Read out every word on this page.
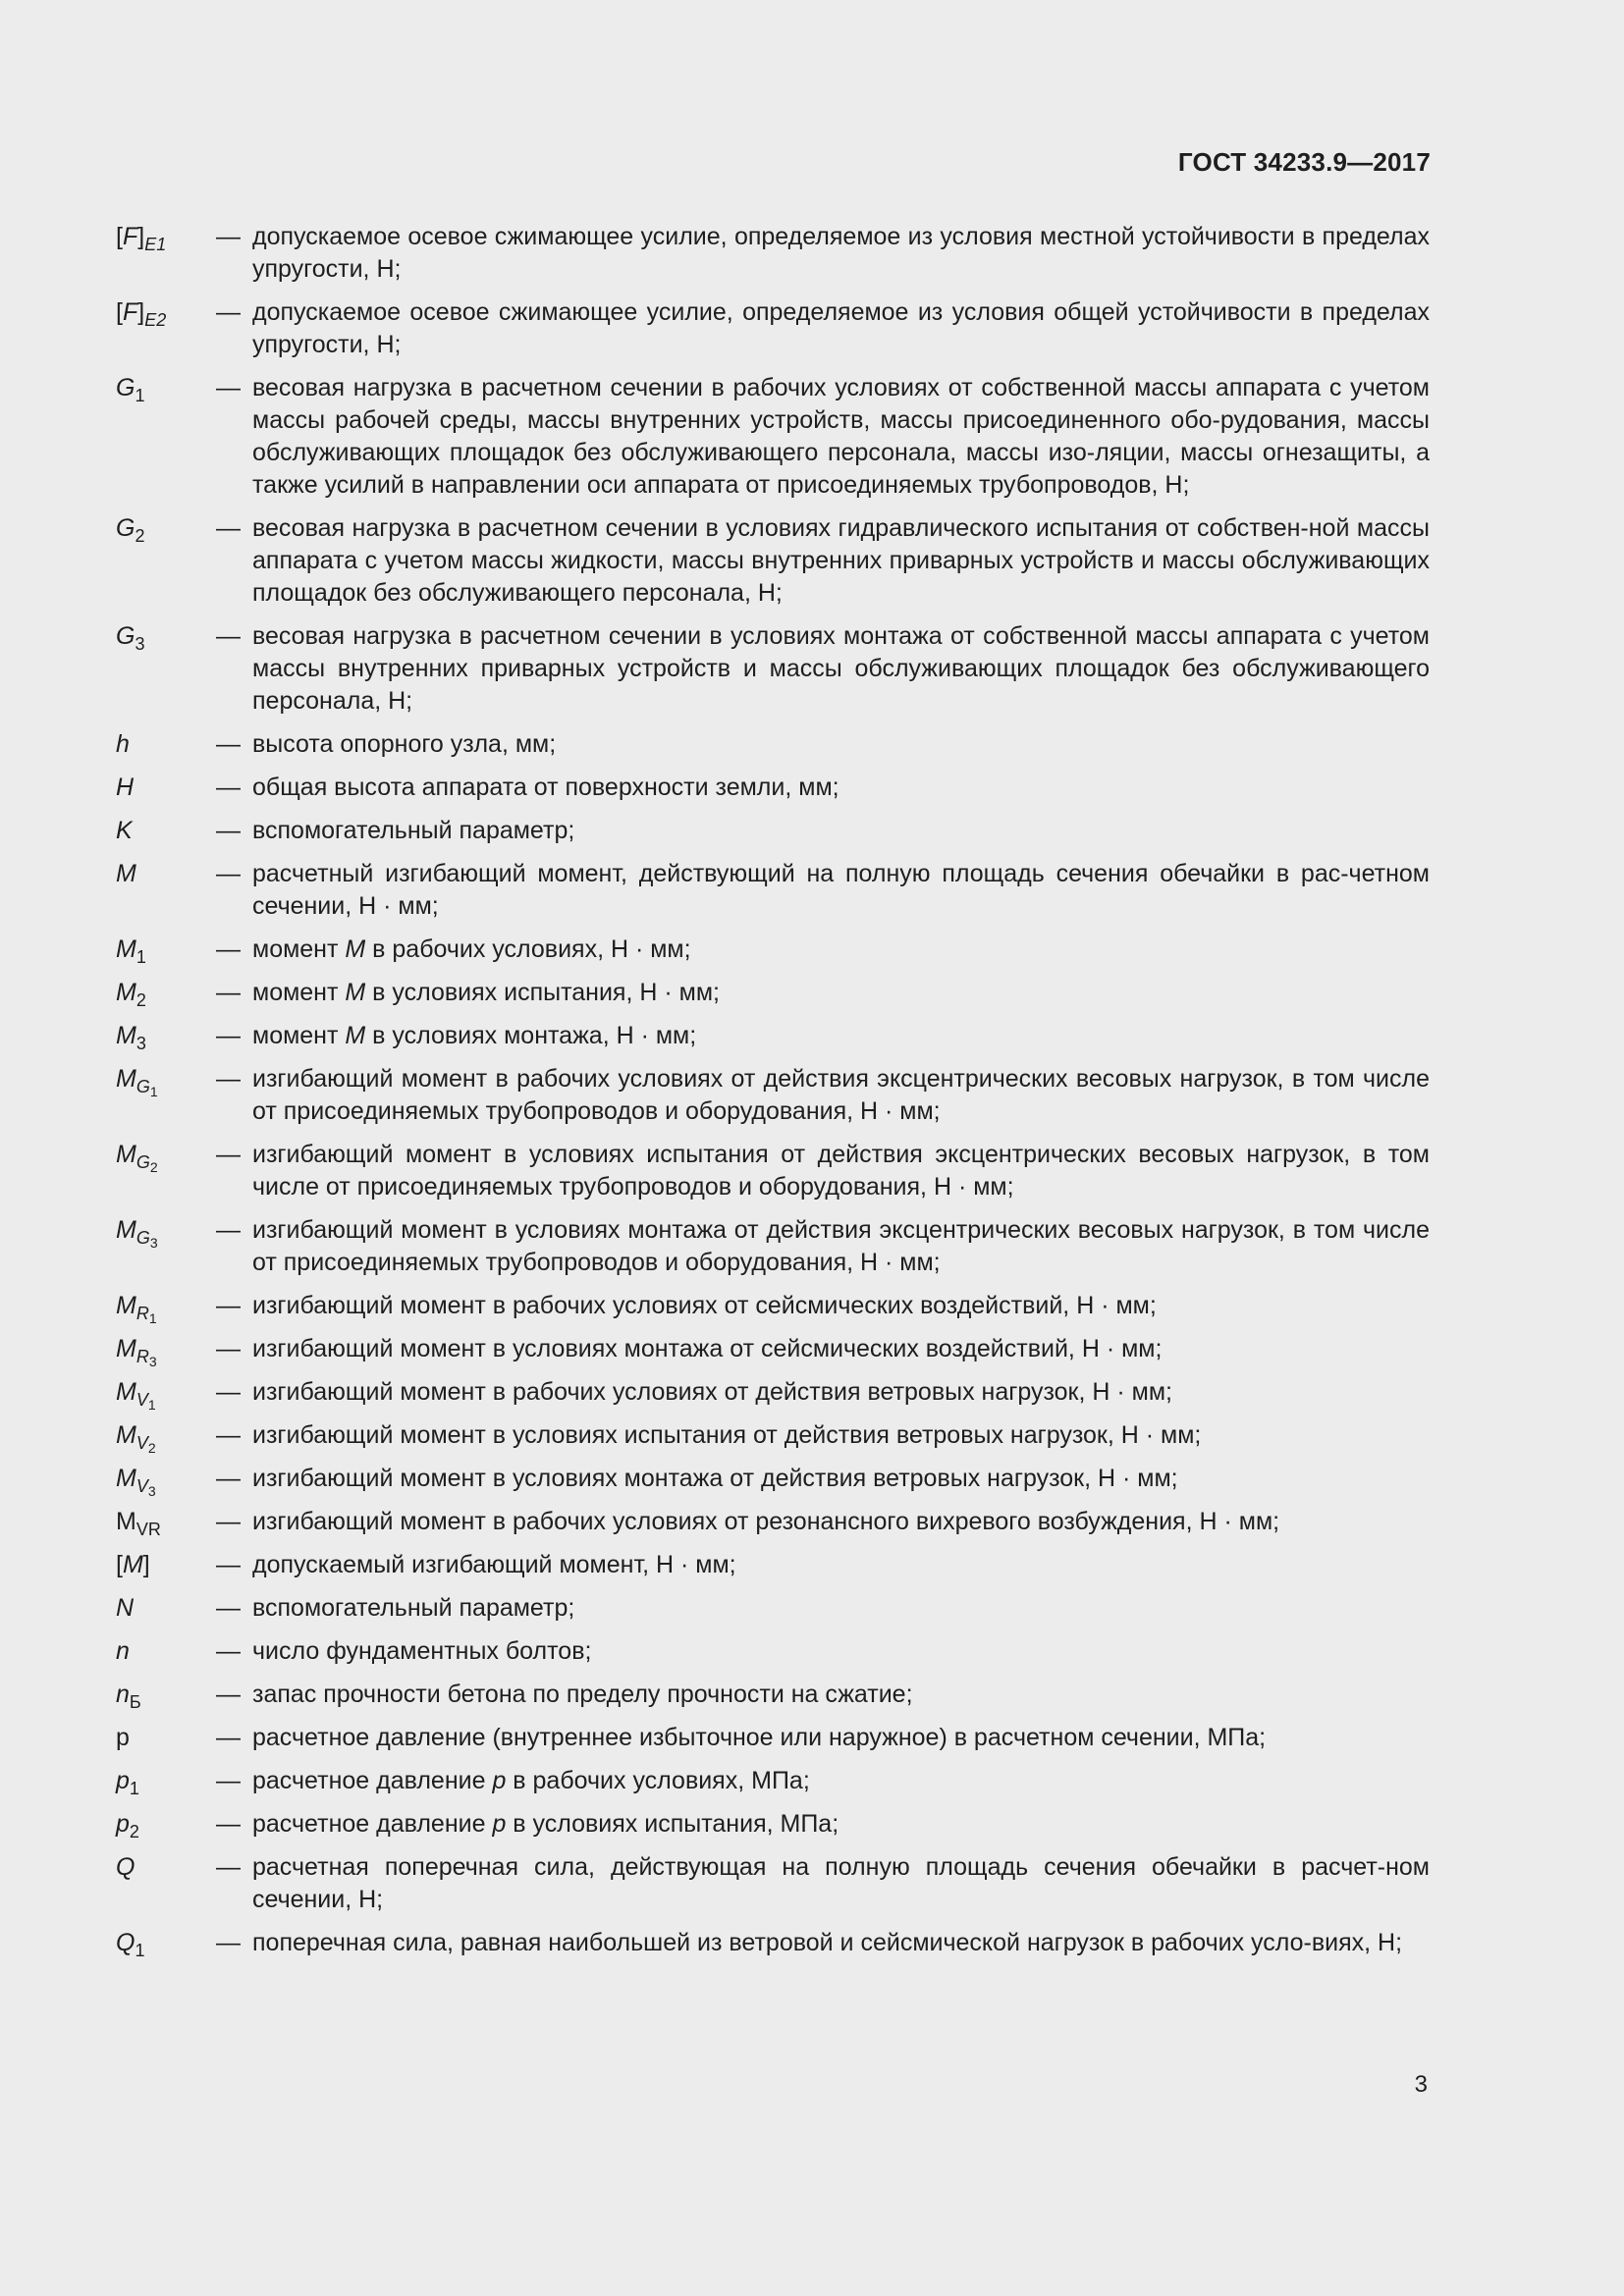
ГОСТ 34233.9—2017
$[F]_{E1}$	— допускаемое осевое сжимающее усилие, определяемое из условия местной устойчивости в пределах упругости, Н;
$[F]_{E2}$	— допускаемое осевое сжимающее усилие, определяемое из условия общей устойчивости в пределах упругости, Н;
$G_1$	— весовая нагрузка в расчетном сечении в рабочих условиях от собственной массы аппарата с учетом массы рабочей среды, массы внутренних устройств, массы присоединенного обо-рудования, массы обслуживающих площадок без обслуживающего персонала, массы изо-ляции, массы огнезащиты, а также усилий в направлении оси аппарата от присоединяемых трубопроводов, Н;
$G_2$	— весовая нагрузка в расчетном сечении в условиях гидравлического испытания от собствен-ной массы аппарата с учетом массы жидкости, массы внутренних приварных устройств и массы обслуживающих площадок без обслуживающего персонала, Н;
$G_3$	— весовая нагрузка в расчетном сечении в условиях монтажа от собственной массы аппарата с учетом массы внутренних приварных устройств и массы обслуживающих площадок без обслуживающего персонала, Н;
h	— высота опорного узла, мм;
H	— общая высота аппарата от поверхности земли, мм;
K	— вспомогательный параметр;
M	— расчетный изгибающий момент, действующий на полную площадь сечения обечайки в рас-четном сечении, Н · мм;
$M_1$	— момент M в рабочих условиях, Н · мм;
$M_2$	— момент M в условиях испытания, Н · мм;
$M_3$	— момент M в условиях монтажа, Н · мм;
$M_{G_1}$	— изгибающий момент в рабочих условиях от действия эксцентрических весовых нагрузок, в том числе от присоединяемых трубопроводов и оборудования, Н · мм;
$M_{G_2}$	— изгибающий момент в условиях испытания от действия эксцентрических весовых нагрузок, в том числе от присоединяемых трубопроводов и оборудования, Н · мм;
$M_{G_3}$	— изгибающий момент в условиях монтажа от действия эксцентрических весовых нагрузок, в том числе от присоединяемых трубопроводов и оборудования, Н · мм;
$M_{R_1}$	— изгибающий момент в рабочих условиях от сейсмических воздействий, Н · мм;
$M_{R_3}$	— изгибающий момент в условиях монтажа от сейсмических воздействий, Н · мм;
$M_{V_1}$	— изгибающий момент в рабочих условиях от действия ветровых нагрузок, Н · мм;
$M_{V_2}$	— изгибающий момент в условиях испытания от действия ветровых нагрузок, Н · мм;
$M_{V_3}$	— изгибающий момент в условиях монтажа от действия ветровых нагрузок, Н · мм;
$M_{VR}$	— изгибающий момент в рабочих условиях от резонансного вихревого возбуждения, Н · мм;
[M]	— допускаемый изгибающий момент, Н · мм;
N	— вспомогательный параметр;
n	— число фундаментных болтов;
$n_Б$	— запас прочности бетона по пределу прочности на сжатие;
p	— расчетное давление (внутреннее избыточное или наружное) в расчетном сечении, МПа;
$p_1$	— расчетное давление p в рабочих условиях, МПа;
$p_2$	— расчетное давление p в условиях испытания, МПа;
Q	— расчетная поперечная сила, действующая на полную площадь сечения обечайки в расчет-ном сечении, Н;
$Q_1$	— поперечная сила, равная наибольшей из ветровой и сейсмической нагрузок в рабочих усло-виях, Н;
3
